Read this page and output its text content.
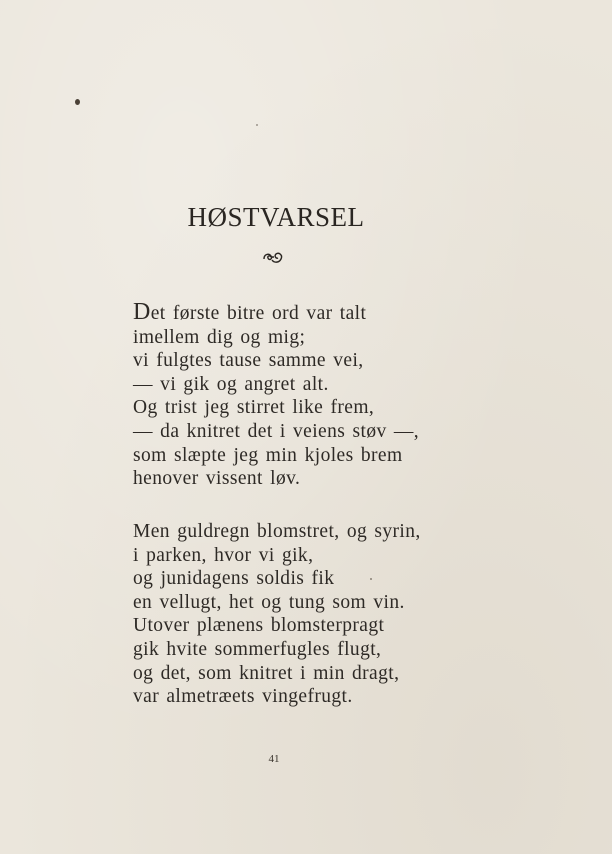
HØSTVARSEL
Det første bitre ord var talt
imellem dig og mig;
vi fulgtes tause samme vei,
— vi gik og angret alt.
Og trist jeg stirret like frem,
— da knitret det i veiens støv —,
som slæpte jeg min kjoles brem
henover vissent løv.
Men guldregn blomstret, og syrin,
i parken, hvor vi gik,
og junidagens soldis fik
en vellugt, het og tung som vin.
Utover plænens blomsterpragt
gik hvite sommerfugles flugt,
og det, som knitret i min dragt,
var almetræets vingefrugt.
41
